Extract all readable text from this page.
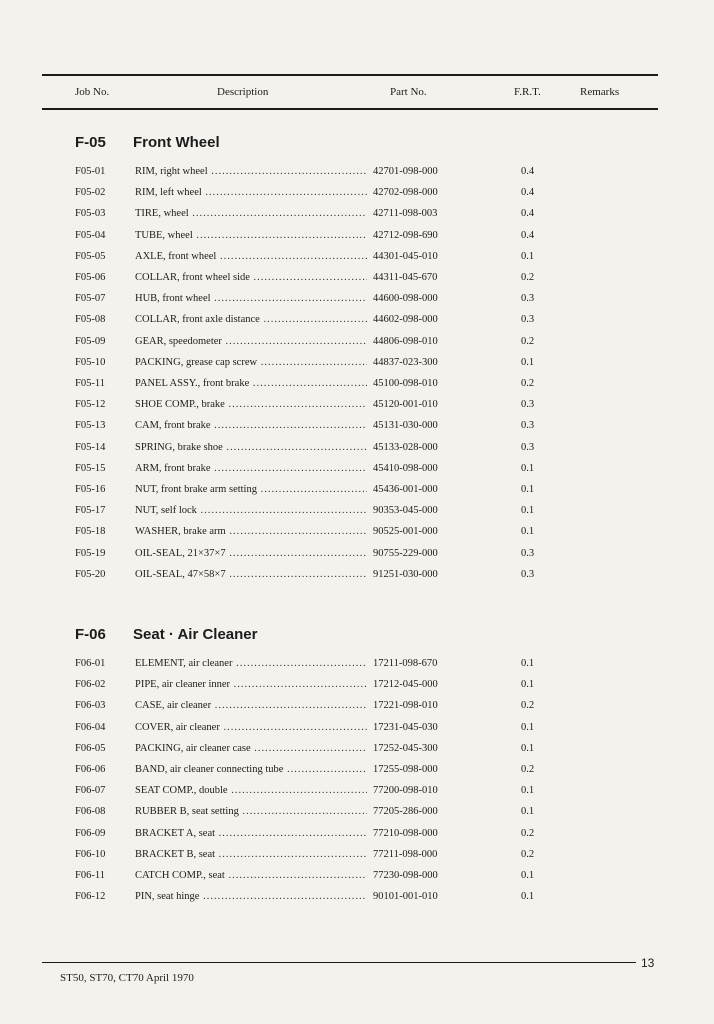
Job No.	Description	Part No.	F.R.T.	Remarks
F-05 Front Wheel
F05-01	RIM, right wheel .....	42701-098-000	0.4
F05-02	RIM, left wheel .....	42702-098-000	0.4
F05-03	TIRE, wheel .....	42711-098-003	0.4
F05-04	TUBE, wheel .....	42712-098-690	0.4
F05-05	AXLE, front wheel .....	44301-045-010	0.1
F05-06	COLLAR, front wheel side .....	44311-045-670	0.2
F05-07	HUB, front wheel .....	44600-098-000	0.3
F05-08	COLLAR, front axle distance .....	44602-098-000	0.3
F05-09	GEAR, speedometer .....	44806-098-010	0.2
F05-10	PACKING, grease cap screw .....	44837-023-300	0.1
F05-11	PANEL ASSY., front brake .....	45100-098-010	0.2
F05-12	SHOE COMP., brake .....	45120-001-010	0.3
F05-13	CAM, front brake .....	45131-030-000	0.3
F05-14	SPRING, brake shoe .....	45133-028-000	0.3
F05-15	ARM, front brake .....	45410-098-000	0.1
F05-16	NUT, front brake arm setting .....	45436-001-000	0.1
F05-17	NUT, self lock .....	90353-045-000	0.1
F05-18	WASHER, brake arm .....	90525-001-000	0.1
F05-19	OIL-SEAL, 21×37×7 .....	90755-229-000	0.3
F05-20	OIL-SEAL, 47×58×7 .....	91251-030-000	0.3
F-06 Seat · Air Cleaner
F06-01	ELEMENT, air cleaner .....	17211-098-670	0.1
F06-02	PIPE, air cleaner inner .....	17212-045-000	0.1
F06-03	CASE, air cleaner .....	17221-098-010	0.2
F06-04	COVER, air cleaner .....	17231-045-030	0.1
F06-05	PACKING, air cleaner case .....	17252-045-300	0.1
F06-06	BAND, air cleaner connecting tube .....	17255-098-000	0.2
F06-07	SEAT COMP., double .....	77200-098-010	0.1
F06-08	RUBBER B, seat setting .....	77205-286-000	0.1
F06-09	BRACKET A, seat .....	77210-098-000	0.2
F06-10	BRACKET B, seat .....	77211-098-000	0.2
F06-11	CATCH COMP., seat .....	77230-098-000	0.1
F06-12	PIN, seat hinge .....	90101-001-010	0.1
ST50, ST70, CT70 April 1970
13
